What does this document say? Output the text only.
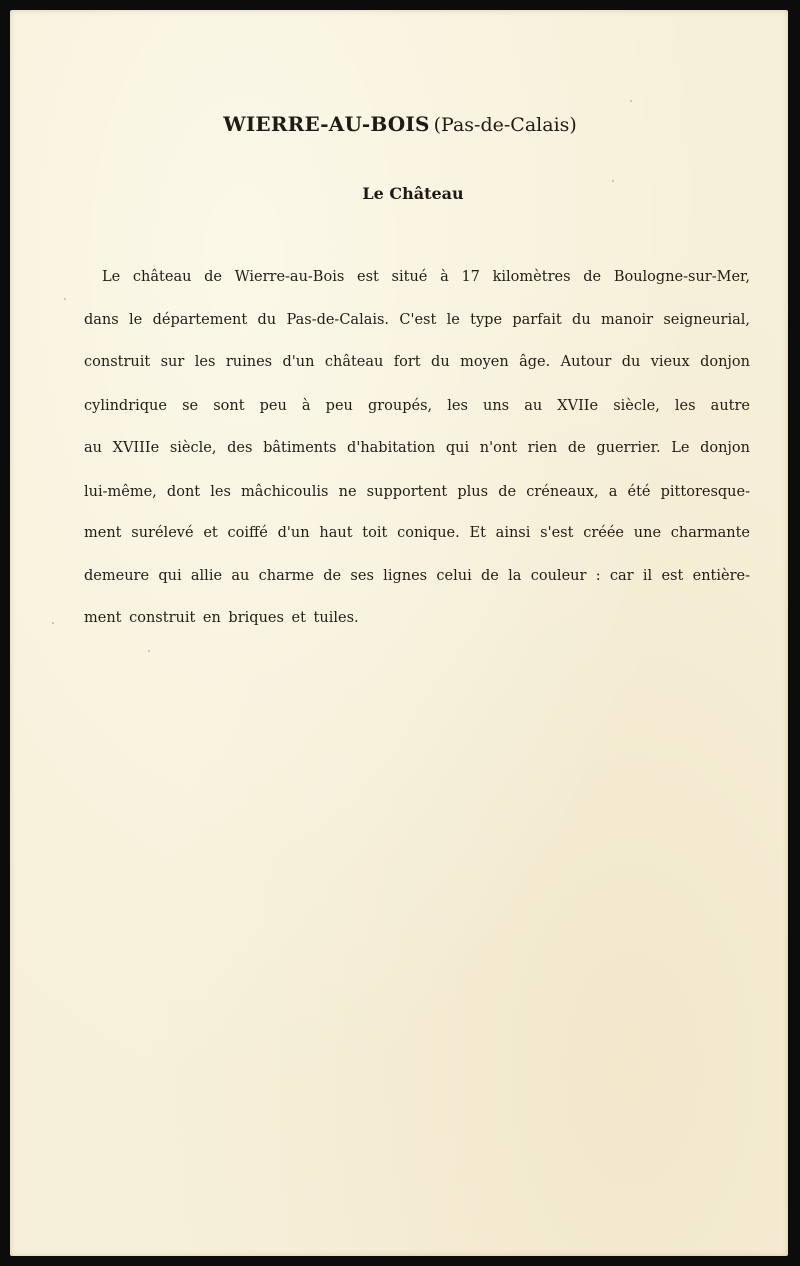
WIERRE-AU-BOIS (Pas-de-Calais)
Le Château
Le château de Wierre-au-Bois est situé à 17 kilomètres de Boulogne-sur-Mer,
dans le département du Pas-de-Calais. C'est le type parfait du manoir seigneurial,
construit sur les ruines d'un château fort du moyen âge. Autour du vieux donjon
cylindrique se sont peu à peu groupés, les uns au XVIIe siècle, les autre
au XVIIIe siècle, des bâtiments d'habitation qui n'ont rien de guerrier. Le donjon
lui-même, dont les mâchicoulis ne supportent plus de créneaux, a été pittoresque-
ment surélevé et coiffé d'un haut toit conique. Et ainsi s'est créée une charmante
demeure qui allie au charme de ses lignes celui de la couleur : car il est entière-
ment construit en briques et tuiles.
